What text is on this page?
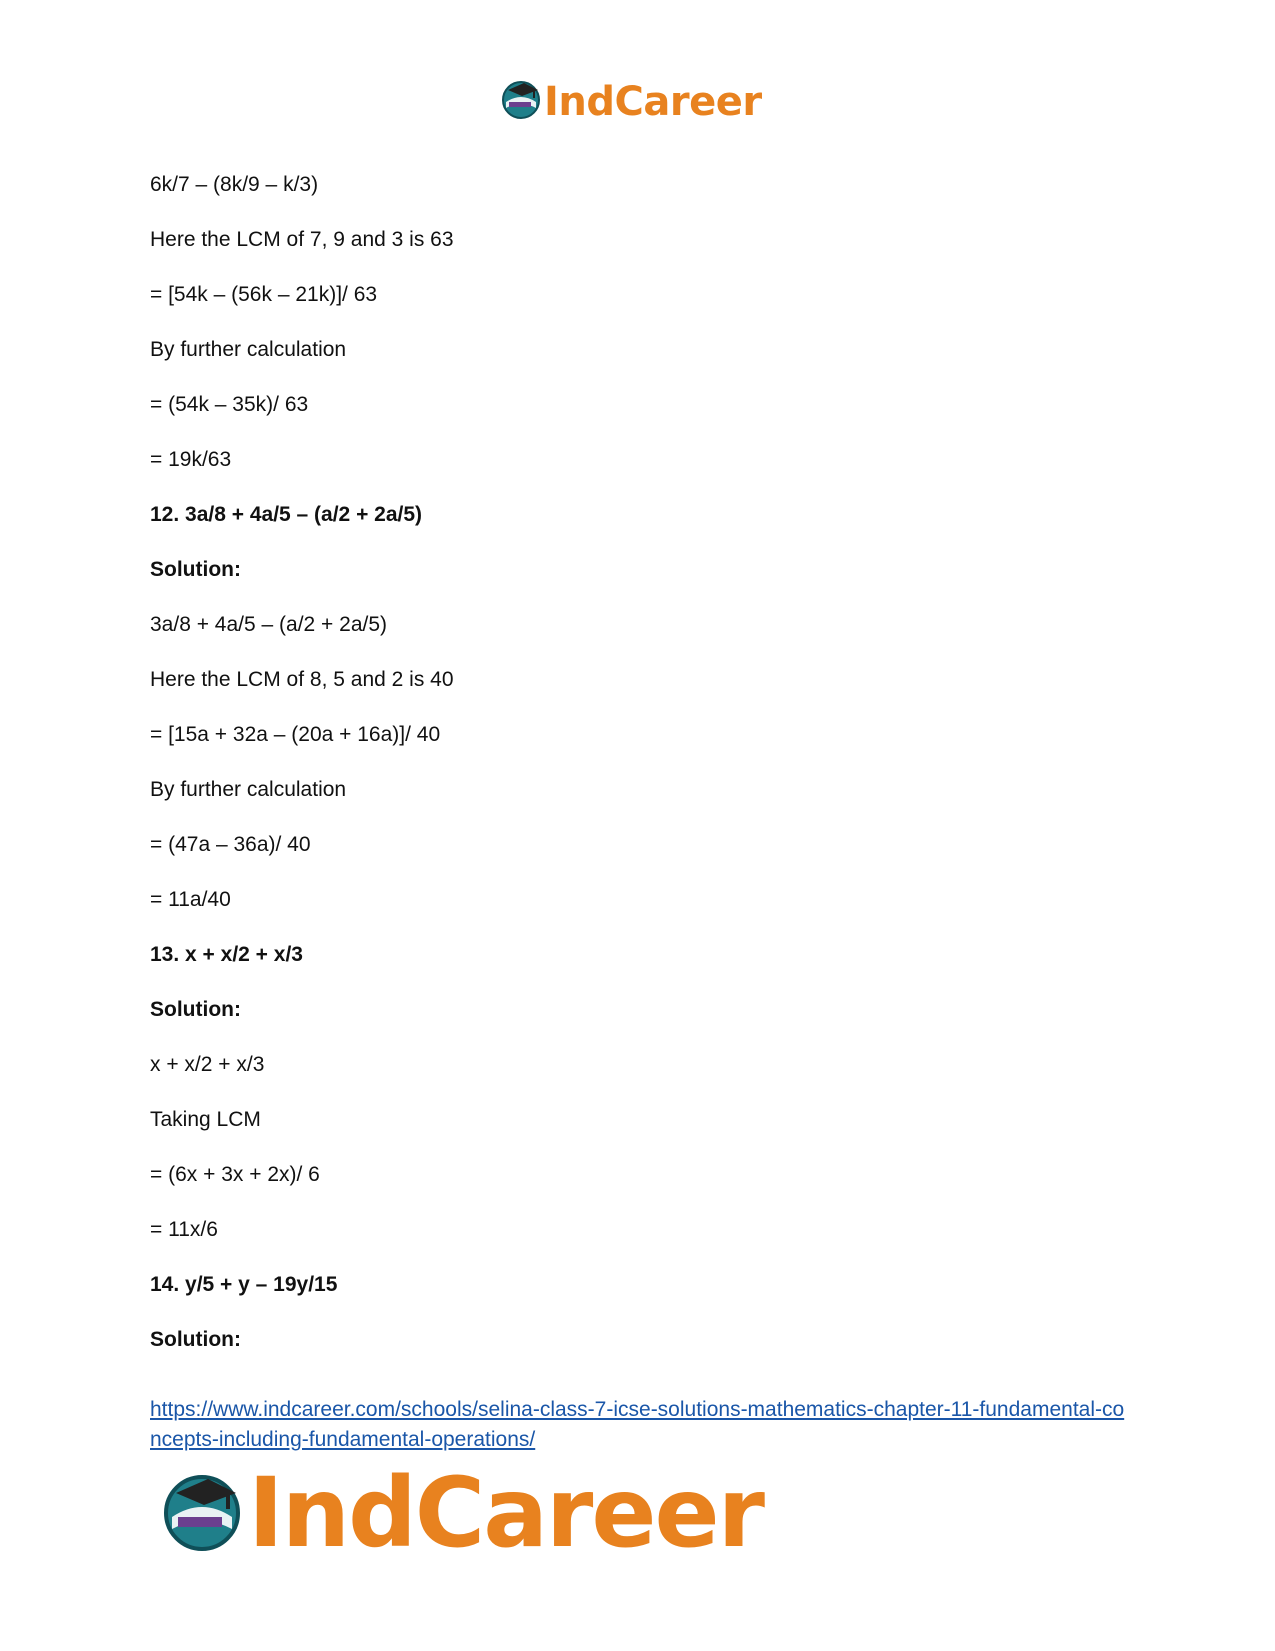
IndCareer

6k/7 – (8k/9 – k/3)

Here the LCM of 7, 9 and 3 is 63

= [54k – (56k – 21k)]/ 63

By further calculation

= (54k – 35k)/ 63

= 19k/63

12. 3a/8 + 4a/5 – (a/2 + 2a/5)

Solution:

3a/8 + 4a/5 – (a/2 + 2a/5)

Here the LCM of 8, 5 and 2 is 40

= [15a + 32a – (20a + 16a)]/ 40

By further calculation

= (47a – 36a)/ 40

= 11a/40

13. x + x/2 + x/3

Solution:

x + x/2 + x/3

Taking LCM

= (6x + 3x + 2x)/ 6

= 11x/6

14. y/5 + y – 19y/15

Solution:

https://www.indcareer.com/schools/selina-class-7-icse-solutions-mathematics-chapter-11-fundamental-concepts-including-fundamental-operations/
IndCareer
